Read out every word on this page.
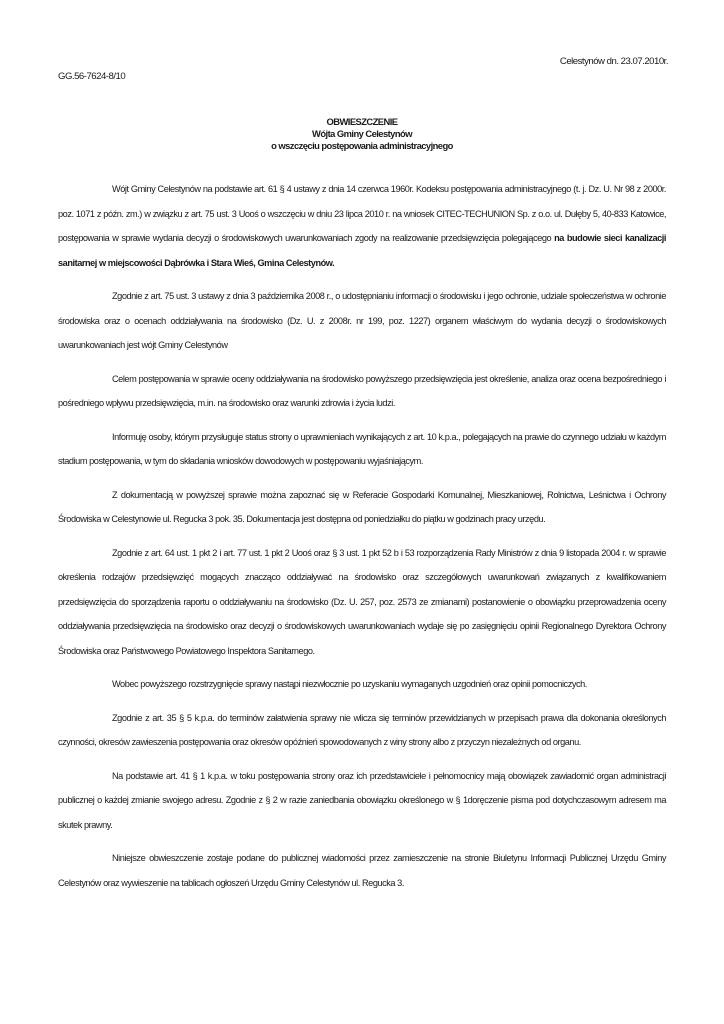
Celestynów dn. 23.07.2010r.
GG.56-7624-8/10
OBWIESZCZENIE
Wójta Gminy Celestynów
o wszczęciu postępowania administracyjnego

Wójt Gminy Celestynów na podstawie art. 61 § 4 ustawy z dnia 14 czerwca 1960r. Kodeksu postępowania administracyjnego (t. j. Dz. U. Nr 98 z 2000r. poz. 1071 z późn. zm.) w związku z art. 75 ust. 3 Uooś o wszczęciu w dniu 23 lipca 2010 r. na wniosek CITEC-TECHUNION Sp. z o.o. ul. Dułęby 5, 40-833 Katowice, postępowania w sprawie wydania decyzji o środowiskowych uwarunkowaniach zgody na realizowanie przedsięwzięcia polegającego na budowie sieci kanalizacji sanitarnej w miejscowości Dąbrówka i Stara Wieś, Gmina Celestynów.

Zgodnie z art. 75 ust. 3 ustawy z dnia 3 października 2008 r., o udostępnianiu informacji o środowisku i jego ochronie, udziale społeczeństwa w ochronie środowiska oraz o ocenach oddziaływania na środowisko (Dz. U. z 2008r. nr 199, poz. 1227) organem właściwym do wydania decyzji o środowiskowych uwarunkowaniach jest wójt Gminy Celestynów

Celem postępowania w sprawie oceny oddziaływania na środowisko powyższego przedsięwzięcia jest określenie, analiza oraz ocena bezpośredniego i pośredniego wpływu przedsięwzięcia, m.in. na środowisko oraz warunki zdrowia i życia ludzi.

Informuję osoby, którym przysługuje status strony o uprawnieniach wynikających z art. 10 k.p.a., polegających na prawie do czynnego udziału w każdym stadium postępowania, w tym do składania wniosków dowodowych w postępowaniu wyjaśniającym.

Z dokumentacją w powyższej sprawie można zapoznać się w Referacie Gospodarki Komunalnej, Mieszkaniowej, Rolnictwa, Leśnictwa i Ochrony Środowiska w Celestynowie ul. Regucka 3 pok. 35. Dokumentacja jest dostępna od poniedziałku do piątku w godzinach pracy urzędu.

Zgodnie z art. 64 ust. 1 pkt 2 i art. 77 ust. 1 pkt 2 Uooś oraz § 3 ust. 1 pkt 52 b i 53 rozporządzenia Rady Ministrów z dnia 9 listopada 2004 r. w sprawie określenia rodzajów przedsięwzięć mogących znacząco oddziaływać na środowisko oraz szczegółowych uwarunkowań związanych z kwalifikowaniem przedsięwzięcia do sporządzenia raportu o oddziaływaniu na środowisko (Dz. U. 257, poz. 2573 ze zmianami) postanowienie o obowiązku przeprowadzenia oceny oddziaływania przedsięwzięcia na środowisko oraz decyzji o środowiskowych uwarunkowaniach wydaje się po zasięgnięciu opinii Regionalnego Dyrektora Ochrony Środowiska oraz Państwowego Powiatowego Inspektora Sanitarnego.

Wobec powyższego rozstrzygnięcie sprawy nastąpi niezwłocznie po uzyskaniu wymaganych uzgodnień oraz opinii pomocniczych.

Zgodnie z art. 35 § 5 k.p.a. do terminów załatwienia sprawy nie wlicza się terminów przewidzianych w przepisach prawa dla dokonania określonych czynności, okresów zawieszenia postępowania oraz okresów opóźnień spowodowanych z winy strony albo z przyczyn niezależnych od organu.

Na podstawie art. 41 § 1 k.p.a. w toku postępowania strony oraz ich przedstawiciele i pełnomocnicy mają obowiązek zawiadomić organ administracji publicznej o każdej zmianie swojego adresu. Zgodnie z § 2 w razie zaniedbania obowiązku określonego w § 1doręczenie pisma pod dotychczasowym adresem ma skutek prawny.

Niniejsze obwieszczenie zostaje podane do publicznej wiadomości przez zamieszczenie na stronie Biuletynu Informacji Publicznej Urzędu Gminy Celestynów oraz wywieszenie na tablicach ogłoszeń Urzędu Gminy Celestynów ul. Regucka 3.
